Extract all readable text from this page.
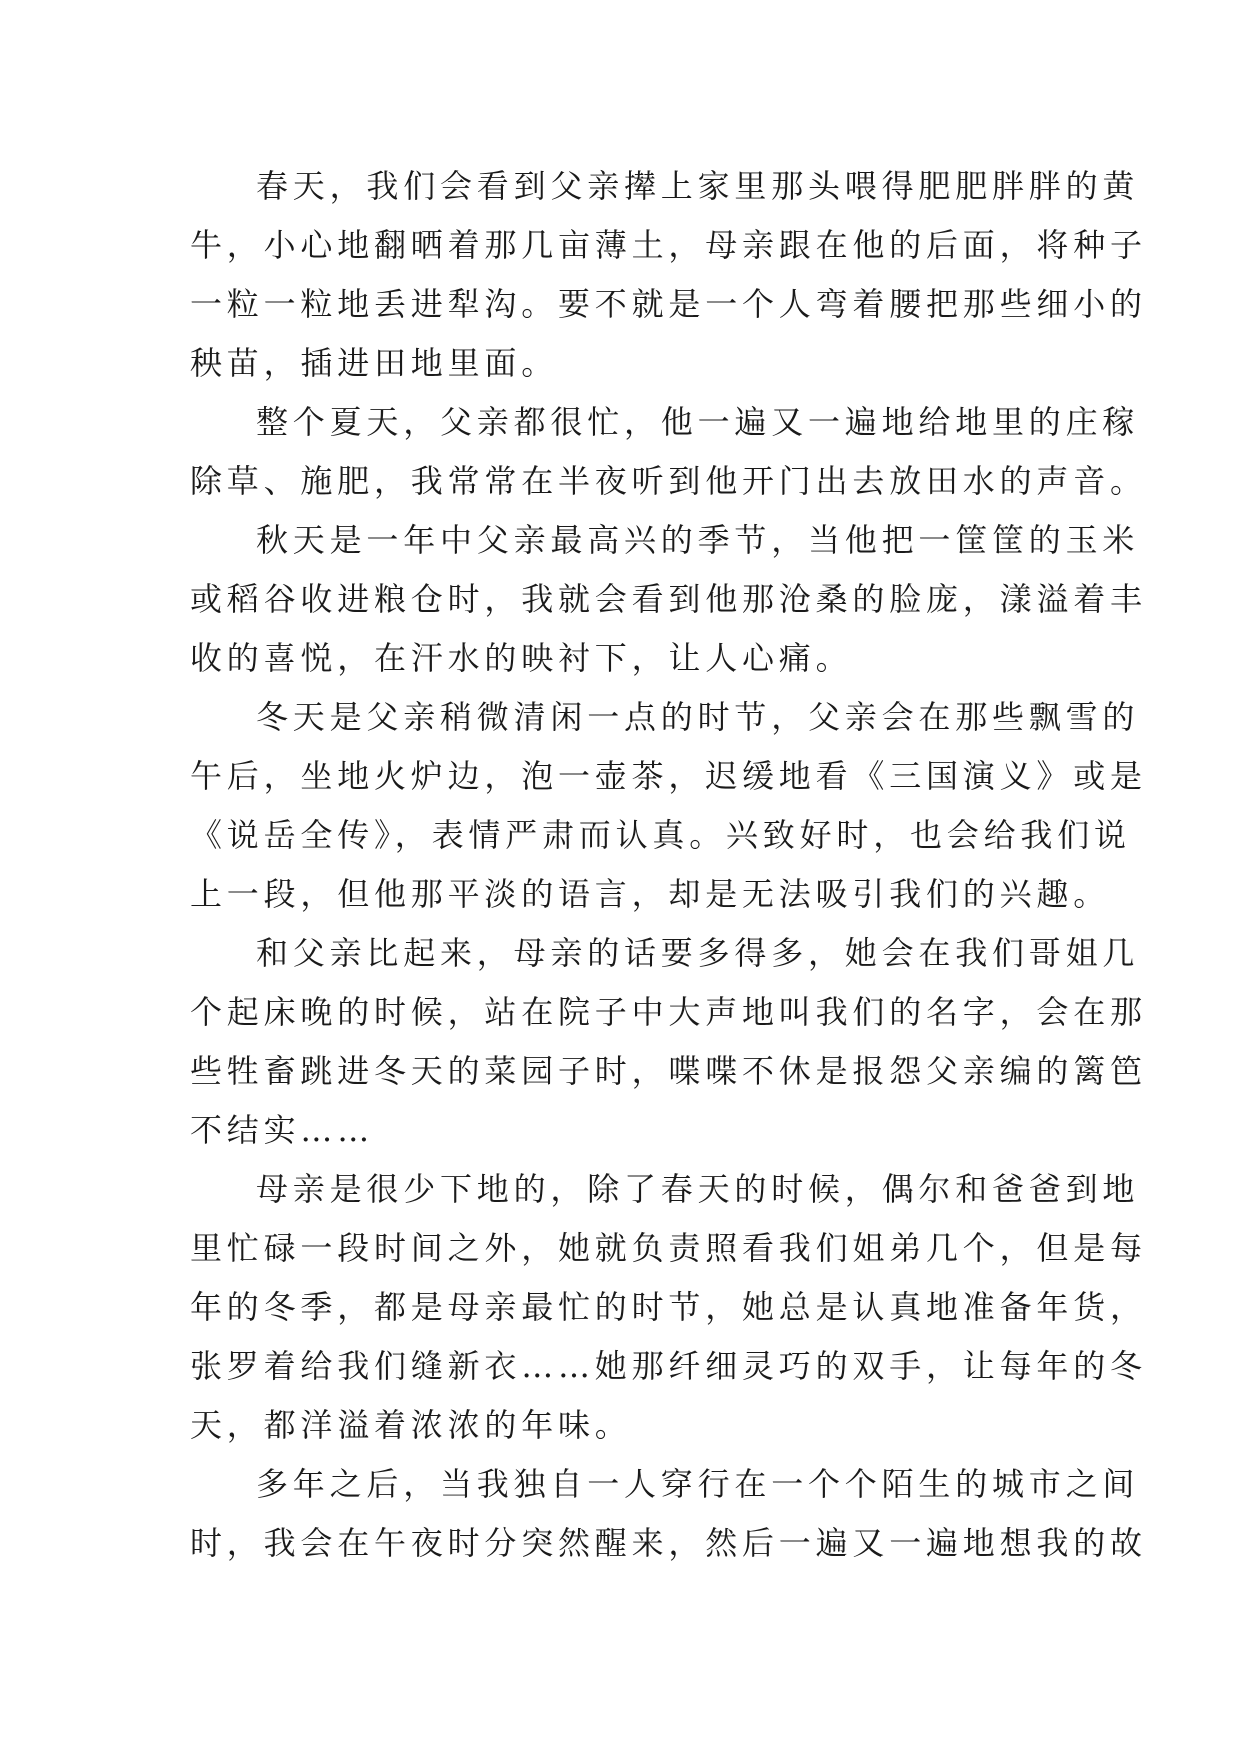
春天，我们会看到父亲撵上家里那头喂得肥肥胖胖的黄
牛，小心地翻晒着那几亩薄土，母亲跟在他的后面，将种子
一粒一粒地丢进犁沟。要不就是一个人弯着腰把那些细小的
秧苗，插进田地里面。
整个夏天，父亲都很忙，他一遍又一遍地给地里的庄稼
除草、施肥，我常常在半夜听到他开门出去放田水的声音。
秋天是一年中父亲最高兴的季节，当他把一筐筐的玉米
或稻谷收进粮仓时，我就会看到他那沧桑的脸庞，漾溢着丰
收的喜悦，在汗水的映衬下，让人心痛。
冬天是父亲稍微清闲一点的时节，父亲会在那些飘雪的
午后，坐地火炉边，泡一壶茶，迟缓地看《三国演义》或是
《说岳全传》，表情严肃而认真。兴致好时，也会给我们说
上一段，但他那平淡的语言，却是无法吸引我们的兴趣。
和父亲比起来，母亲的话要多得多，她会在我们哥姐几
个起床晚的时候，站在院子中大声地叫我们的名字，会在那
些牲畜跳进冬天的菜园子时，喋喋不休是报怨父亲编的篱笆
不结实……
母亲是很少下地的，除了春天的时候，偶尔和爸爸到地
里忙碌一段时间之外，她就负责照看我们姐弟几个，但是每
年的冬季，都是母亲最忙的时节，她总是认真地准备年货，
张罗着给我们缝新衣……她那纤细灵巧的双手，让每年的冬
天，都洋溢着浓浓的年味。
多年之后，当我独自一人穿行在一个个陌生的城市之间
时，我会在午夜时分突然醒来，然后一遍又一遍地想我的故
